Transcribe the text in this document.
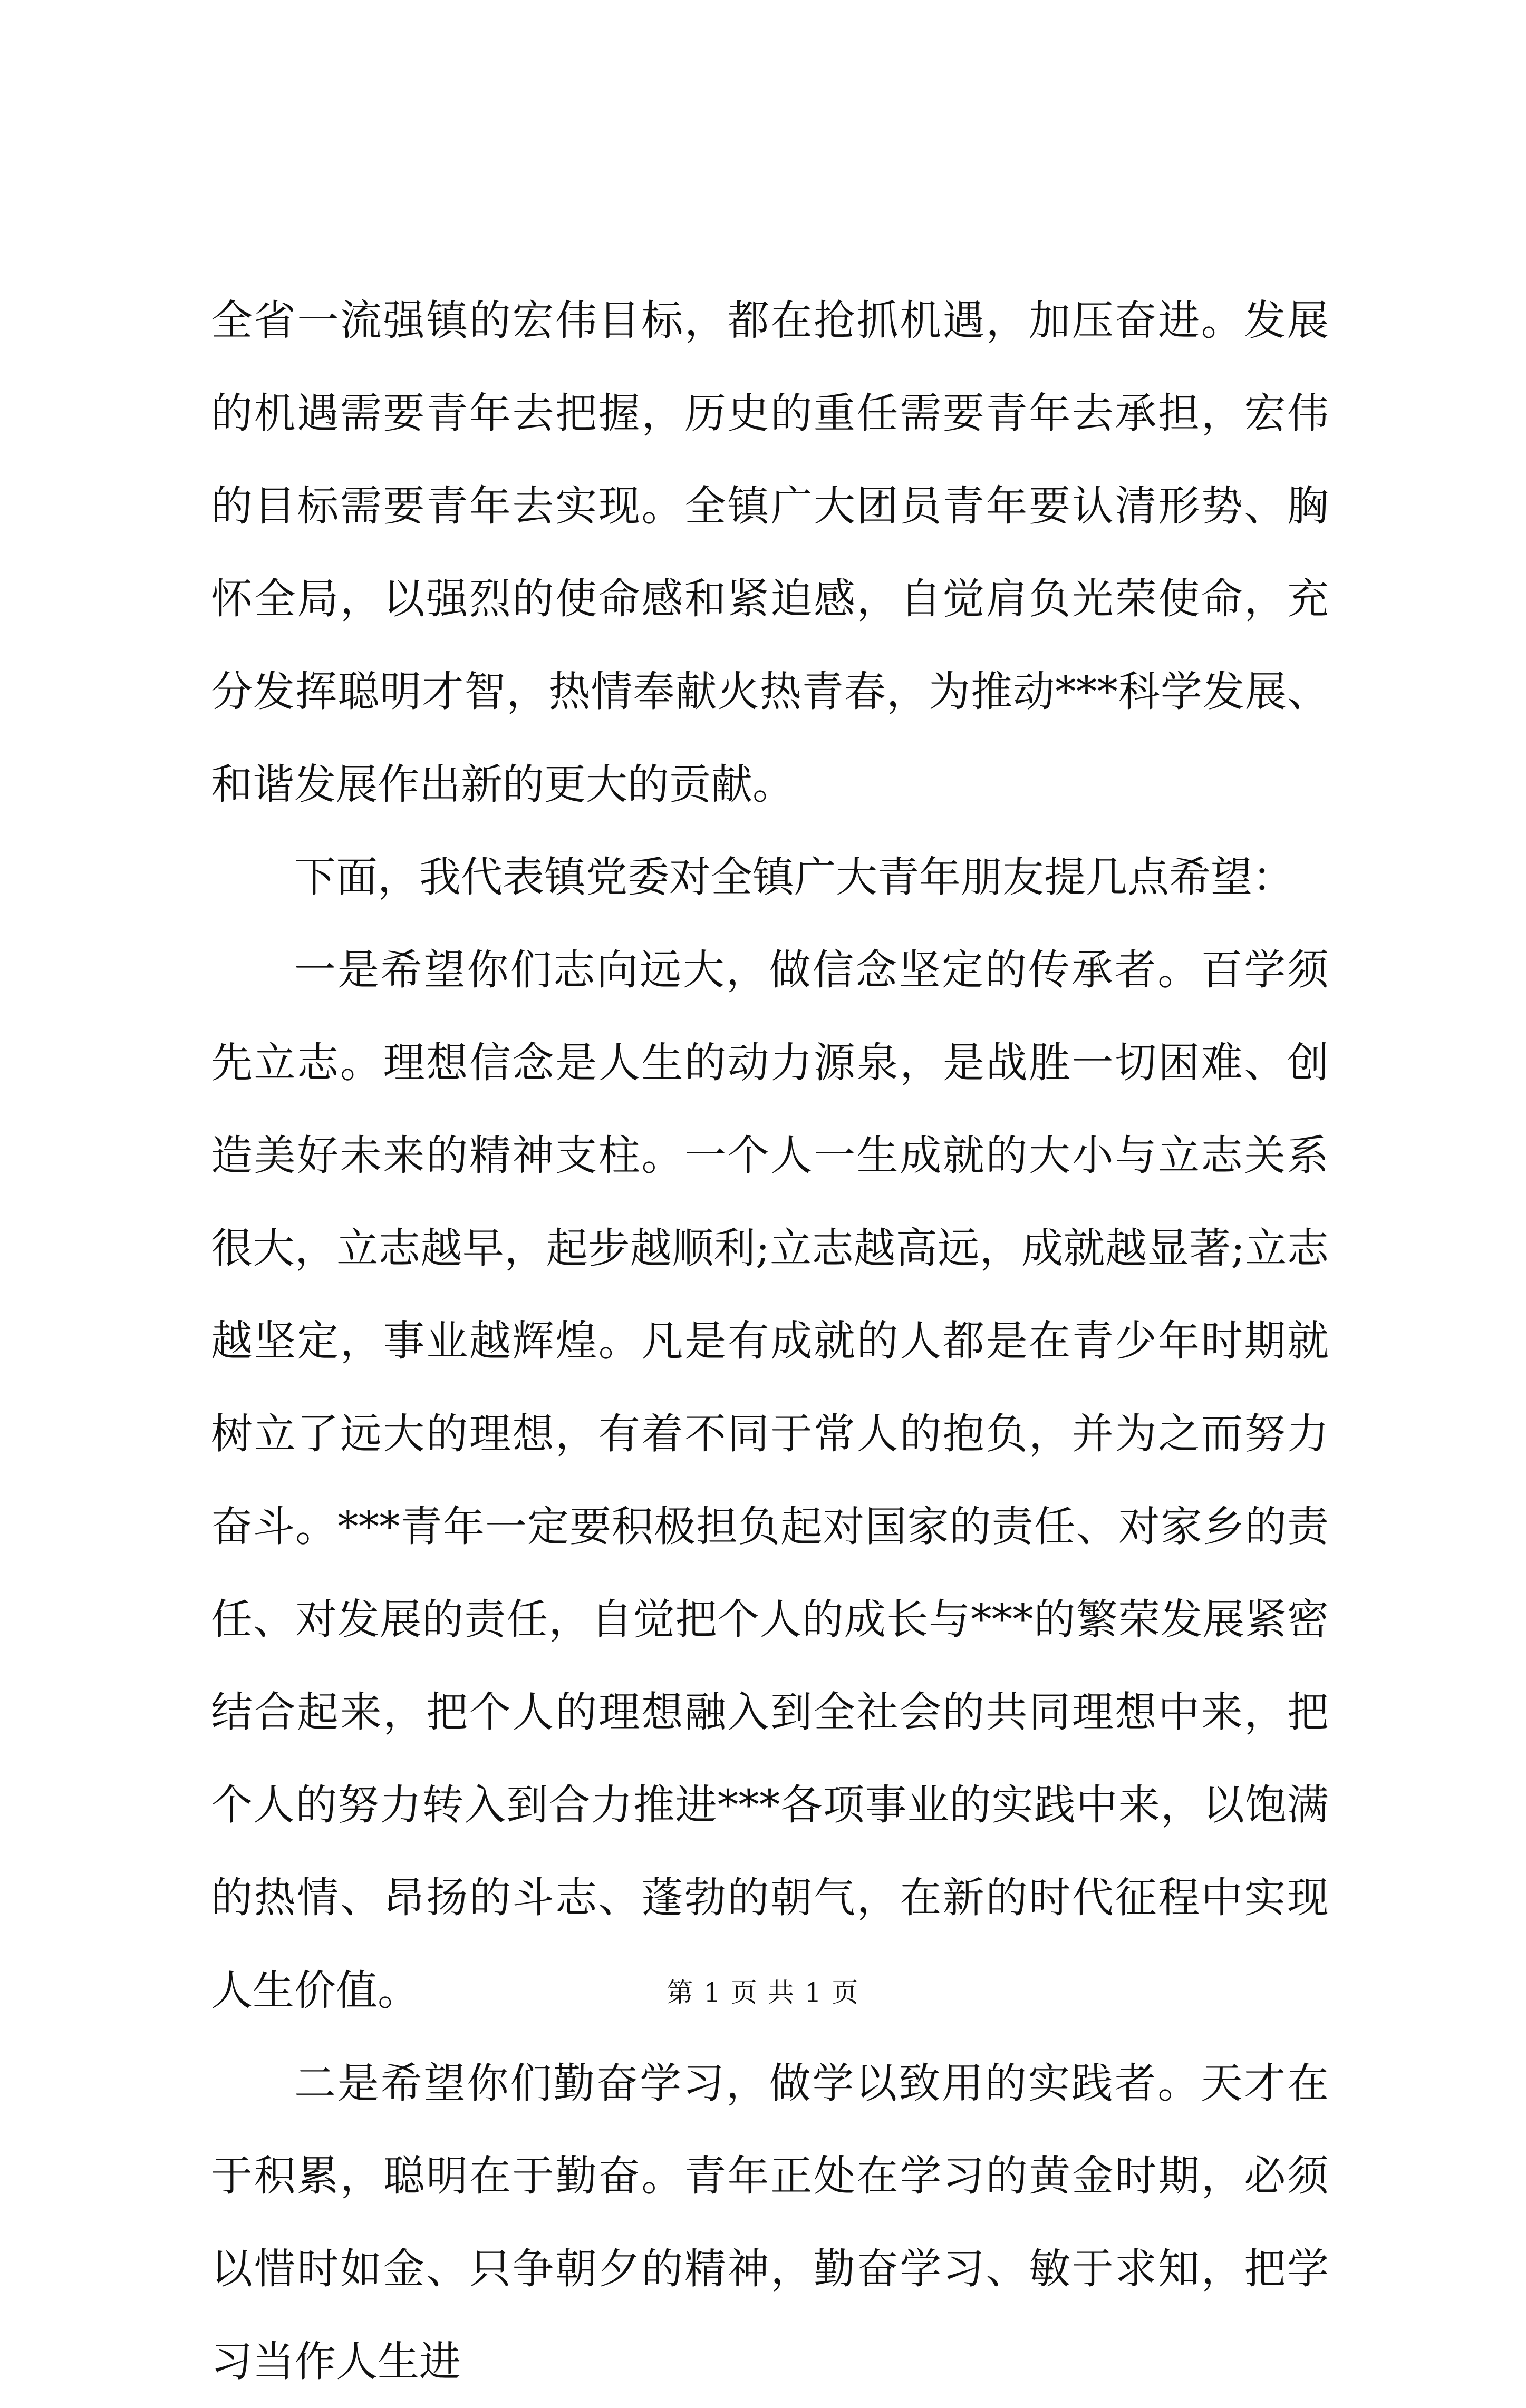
全省一流强镇的宏伟目标，都在抢抓机遇，加压奋进。发展的机遇需要青年去把握，历史的重任需要青年去承担，宏伟的目标需要青年去实现。全镇广大团员青年要认清形势、胸怀全局，以强烈的使命感和紧迫感，自觉肩负光荣使命，充分发挥聪明才智，热情奉献火热青春，为推动***科学发展、和谐发展作出新的更大的贡献。

下面，我代表镇党委对全镇广大青年朋友提几点希望：

一是希望你们志向远大，做信念坚定的传承者。百学须先立志。理想信念是人生的动力源泉，是战胜一切困难、创造美好未来的精神支柱。一个人一生成就的大小与立志关系很大，立志越早，起步越顺利;立志越高远，成就越显著;立志越坚定，事业越辉煌。凡是有成就的人都是在青少年时期就树立了远大的理想，有着不同于常人的抱负，并为之而努力奋斗。***青年一定要积极担负起对国家的责任、对家乡的责任、对发展的责任，自觉把个人的成长与***的繁荣发展紧密结合起来，把个人的理想融入到全社会的共同理想中来，把个人的努力转入到合力推进***各项事业的实践中来，以饱满的热情、昂扬的斗志、蓬勃的朝气，在新的时代征程中实现人生价值。

二是希望你们勤奋学习，做学以致用的实践者。天才在于积累，聪明在于勤奋。青年正处在学习的黄金时期，必须以惜时如金、只争朝夕的精神，勤奋学习、敏于求知，把学习当作人生进

第 1 页 共 1 页
